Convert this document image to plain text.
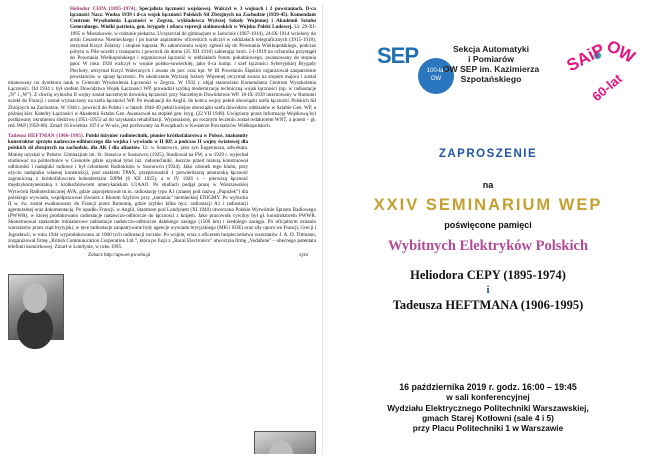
Heliodor CEPA (1895-1974), Specjalista łączności wojskowej. Walczył w 3 wojnach i 2 powstaniach. D-ca łączności Nacz. Wodza 1939 i d-ca wojsk łączności Polskich Sił Zbrojnych na Zachodzie (1939-45). Komendant Centrum Wyszkolenia Łączności w Zegrzu, wykładowca Wyższej Szkoły Wojennej i Akademii Sztabu Generalnego. Wielki patriota, gen. brygady i ofiara represji stalinowskich w Wojsku Polski Ludowej. Ur. 29-XI-1895 w Mieszkowie, w rodzinie piekarza. Uczęszczał do gimnazjum w Jarocinie (1907-1914), 24-IX-1914 wcielony do armii Cesarstwa Niemieckiego i po kursie aspirantów oficerskich walczył w oddziałach telegraficznych (1915-1918), otrzymał Krzyż Żelazny i stopień kaprala. Po zakończeniu wojny zgłosił się do Powstania Wielkopolskiego, podczas pobytu w Pile uczelił z transportu i powrócił do domu (25 XII 1918) zabierając broń. 1-I-1919 na ochotnika przystąpił do Powstania Wielkopolskiego i organizował łączność w oddziałach frontu południowego, awansowany do stopnia ppor. W roku 1920 walczył w wojnie polsko-sowieckiej, jako d-ca komp. i szef łączności Syberyjskiej Brygady Piechoty, otrzymał Krzyż Walecznych i awans do por. oraz kpt. W III Powstaniu Śląskim organizował zaopatrzenie powstańców w sprzęt łączności. Po ukończeniu Wyższej Szkoły Wojennej otrzymał awans na stopień majora i został mianowany na dyrektora nauk w Centrum Wyszkolenia Łączności w Zegrzu. W 1932 r. objął stanowisko Komendanta Centrum Wyszkolenia Łączności. Od 1934 r. był szefem Dowództwa Wojsk Łączności WP, prowadził szybką modernizację techniczną wojsk łączności (np. w radiostacje „N” i „W”). Z chwilą wybuchu II wojny został naczelnym dowódcą łączności przy Naczelnym Dowództwie WP. 18-IX-1939 internowany w Rumunii uciekł do Francji i został wyznaczony na szefa łączności WP. Po ewakuacji do Anglii, do końca wojny pełnił obowiązki szefa łączności Polskich Sił Zbrojnych na Zachodzie. W 1946 r. powrócił do Polski i w latach 1946-49 pełnił kolejno obowiązki szefa dowództw oddziałów w Sztabie Gen. WP, a później kier. Katedry Łączności w Akademii Sztabu Gen. Awansował na stopień gen. bryg. (22 VII 1948). Uwięziony przez Informację Wojskową był poddawany okrutnemu śledztwu (1951-1955) aż do uzyskania rehabilitacji. Wyposażony, po rocznym leczeniu został redaktorem WNT, a potem – gł. red. PAP (1958-68). Zmarł 16 kwietnia 1974 w W-wie, jest pochowany na Powązkach w Kwaterze Powstańców Wielkopolskich.

Tadeusz HEFTMAN (1906-1995). Polski inżynier radiotechnik, pionier krótkofalarstwa w Polsce, znakomity konstruktor sprzętu nadawczo-odbiorczego dla wojska i wywiadu w II RP, a podczas II wojny światowej dla polskich sił zbrojnych na zachodzie, dla AK i dla aliantów. Ur. w Sosnowcu, jako syn Eugeniusza, adwokata. Maturę uzyskał w Państw. Gimnazjum im. St. Staszica w Sosnowcu (1925). Studiował na PW, a w 1929 r. wyjechał studiować na politechnice w Grenoble gdzie uzyskał tytuł inż. radiotechniki. Jeszcze przed maturą konstruował odbiorniki i nadajniki radiowe i był członkiem Radioklubu w Sosnowcu (1924). Jako członek tego klubu, przy użyciu nadajnika własnej konstrukcji, pod znakiem TPAX, przeprowadził 1 potwierdzoną amatorską łączność zagraniczną z krótkofalowcem holenderskim 50PM (6 XII 1925), a w IV 1926 r. – pierwszą łączność międzykontynentalną z krótkofalowcem amerykańskim U1AAO. Po studiach podjął pracę w Warszawskiej Wytwórni Radiotechnicznej AVA, gdzie zaprojektował m.in. radiostację typu A1 (znanej pod nazwą „Papużek”) dla polskiego wywiadu, współpracował również z Biurem Szyfrów przy „łamaniu” niemieckiej ENIGMY. Po wybuchu II w. św. został ewakuowany do Francji przez Rumunię, gdzie szybko kilka ręcz. radiostacji A1 i radiostacji agenturalnej oraz dokumentację. Po upadku Francji, w Anglii, Stanmore pod Londynem (XI 1940) utworzono Polskie Wytwórnie Sprzętu Radiowego (PWWR), w której produkowano radiostacje nadawczo-odbiorcze do łączności z krajem. Jako pracownik cywilny był gł. konstruktorem PWWR. Skonstruował znakomite miniaturowe radiostacje nadawczo-odbiorcze dalekiego zasięgu (1500 km) i średniego zasięgu. Po oficjalnym uznaniu warsztatów przez rząd brytyjski, w ręce radiostacje zaopatrywane były agencje wywiadu brytyjskiego (MI6 i SOE) oraz siły oporu we Francji, Grecji i Jugosławii, w roku 1944 wyprodukowano aż 1000 tych radiostacji rocznie. Po wojnie, wraz z oficerem bezpieczeństwa warsztatów J. A. D. Tittmann, zorganizował firmę „British Communication Corporation Ltd.”, która po fuzji z „Racal Electronics” utworzyła firmę „Vodafone” – obecnego potentata telefonii komórkowej. Zmarł w Londynie, w roku 1995.

Zobacz http://apw.ee.pw.edu.pl	sj/m
SEP
100-lat
OW
Sekcja Automatyki
i Pomiarów
OW SEP im. Kazimierza
Szpotańskiego
SAiP
OW
60-lat
ZAPROSZENIE
na
XXIV SEMINARIUM WEP
poświęcone pamięci
Wybitnych Elektryków Polskich
Heliodora CEPY (1895-1974)
i
Tadeusza HEFTMANA (1906-1995)
16 października 2019 r. godz. 16:00 – 19:45
w sali konferencyjnej
Wydziału Elektrycznego Politechniki Warszawskiej,
gmach Starej Kotłowni (sale 4 i 5)
przy Placu Politechniki 1 w Warszawie
